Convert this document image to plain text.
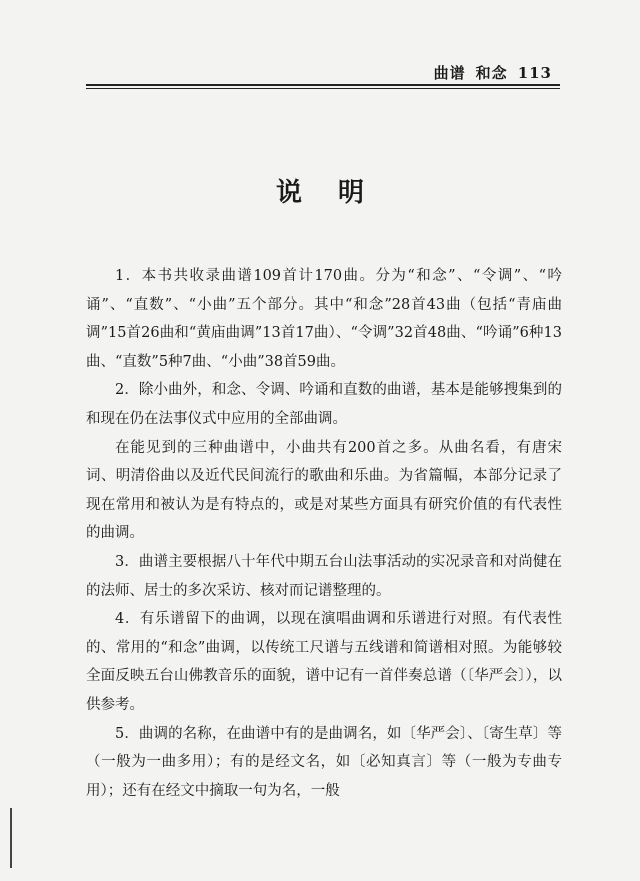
曲谱 和念 113
说明

1．本书共收录曲谱109首计170曲。分为“和念”、“令调”、“吟诵”、“直数”、“小曲”五个部分。其中“和念”28首43曲（包括“青庙曲调”15首26曲和“黄庙曲调”13首17曲）、“令调”32首48曲、“吟诵”6种13曲、“直数”5种7曲、“小曲”38首59曲。

2．除小曲外，和念、令调、吟诵和直数的曲谱，基本是能够搜集到的和现在仍在法事仪式中应用的全部曲调。

在能见到的三种曲谱中，小曲共有200首之多。从曲名看，有唐宋词、明清俗曲以及近代民间流行的歌曲和乐曲。为省篇幅，本部分记录了现在常用和被认为是有特点的，或是对某些方面具有研究价值的有代表性的曲调。

3．曲谱主要根据八十年代中期五台山法事活动的实况录音和对尚健在的法师、居士的多次采访、核对而记谱整理的。

4．有乐谱留下的曲调，以现在演唱曲调和乐谱进行对照。有代表性的、常用的“和念”曲调，以传统工尺谱与五线谱和简谱相对照。为能够较全面反映五台山佛教音乐的面貌，谱中记有一首伴奏总谱（〔华严会〕），以供参考。

5．曲调的名称，在曲谱中有的是曲调名，如〔华严会〕、〔寄生草〕等（一般为一曲多用）；有的是经文名，如〔必知真言〕等（一般为专曲专用）；还有在经文中摘取一句为名，一般
